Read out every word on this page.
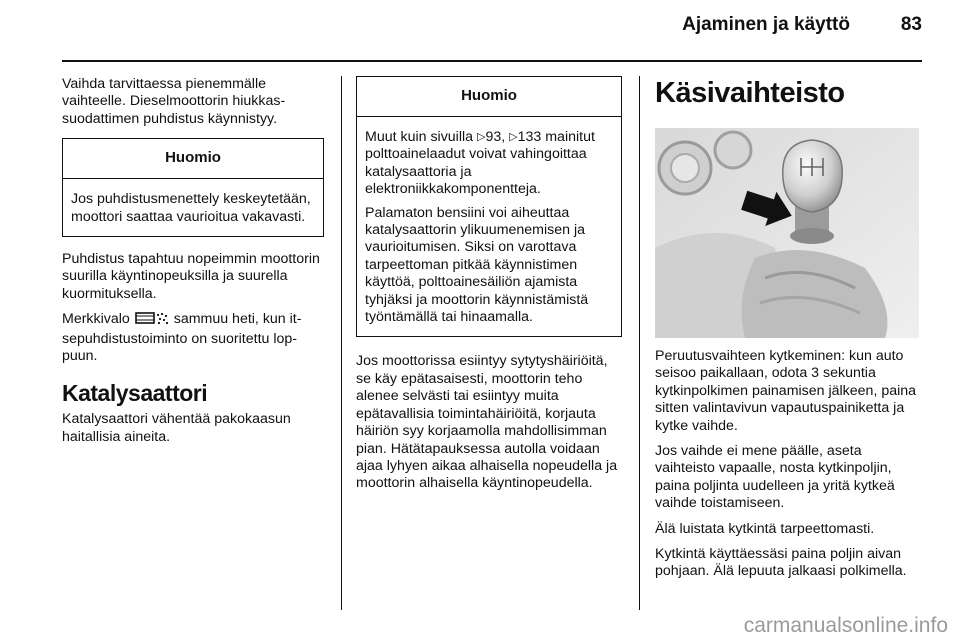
Ajaminen ja käyttö	83

Vaihda tarvittaessa pienemmälle vaihteelle. Dieselmoottorin hiukkassuodattimen puhdistus käynnistyy.

Huomio

Jos puhdistusmenettely keskeytetään, moottori saattaa vaurioitua vakavasti.

Puhdistus tapahtuu nopeimmin moottorin suurilla käyntinopeuksilla ja suurella kuormituksella.

Merkkivalo	sammuu heti, kun itsepuhdistustoiminto on suoritettu loppuun.

Katalysaattori

Katalysaattori vähentää pakokaasun haitallisia aineita.

Huomio

Muut kuin sivuilla ▷93, ▷133 mainitut polttoainelaadut voivat vahingoittaa katalysaattoria ja elektroniikkakomponentteja.

Palamaton bensiini voi aiheuttaa katalysaattorin ylikuumenemisen ja vaurioitumisen. Siksi on varottava tarpeettoman pitkää käynnistimen käyttöä, polttoainesäiliön ajamista tyhjäksi ja moottorin käynnistämistä työntämällä tai hinaamalla.

Jos moottorissa esiintyy sytytyshäiriöitä, se käy epätasaisesti, moottorin teho alenee selvästi tai esiintyy muita epätavallisia toimintahäiriöitä, korjauta häiriön syy korjaamolla mahdollisimman pian. Hätätapauksessa autolla voidaan ajaa lyhyen aikaa alhaisella nopeudella ja moottorin alhaisella käyntinopeudella.

Käsivaihteisto

Peruutusvaihteen kytkeminen: kun auto seisoo paikallaan, odota 3 sekuntia kytkinpolkimen painamisen jälkeen, paina sitten valintavivun vapautuspainiketta ja kytke vaihde.

Jos vaihde ei mene päälle, aseta vaihteisto vapaalle, nosta kytkinpoljin, paina poljinta uudelleen ja yritä kytkeä vaihde toistamiseen.

Älä luistata kytkintä tarpeettomasti.

Kytkintä käyttäessäsi paina poljin aivan pohjaan. Älä lepuuta jalkaasi polkimella.

carmanualsonline.info
